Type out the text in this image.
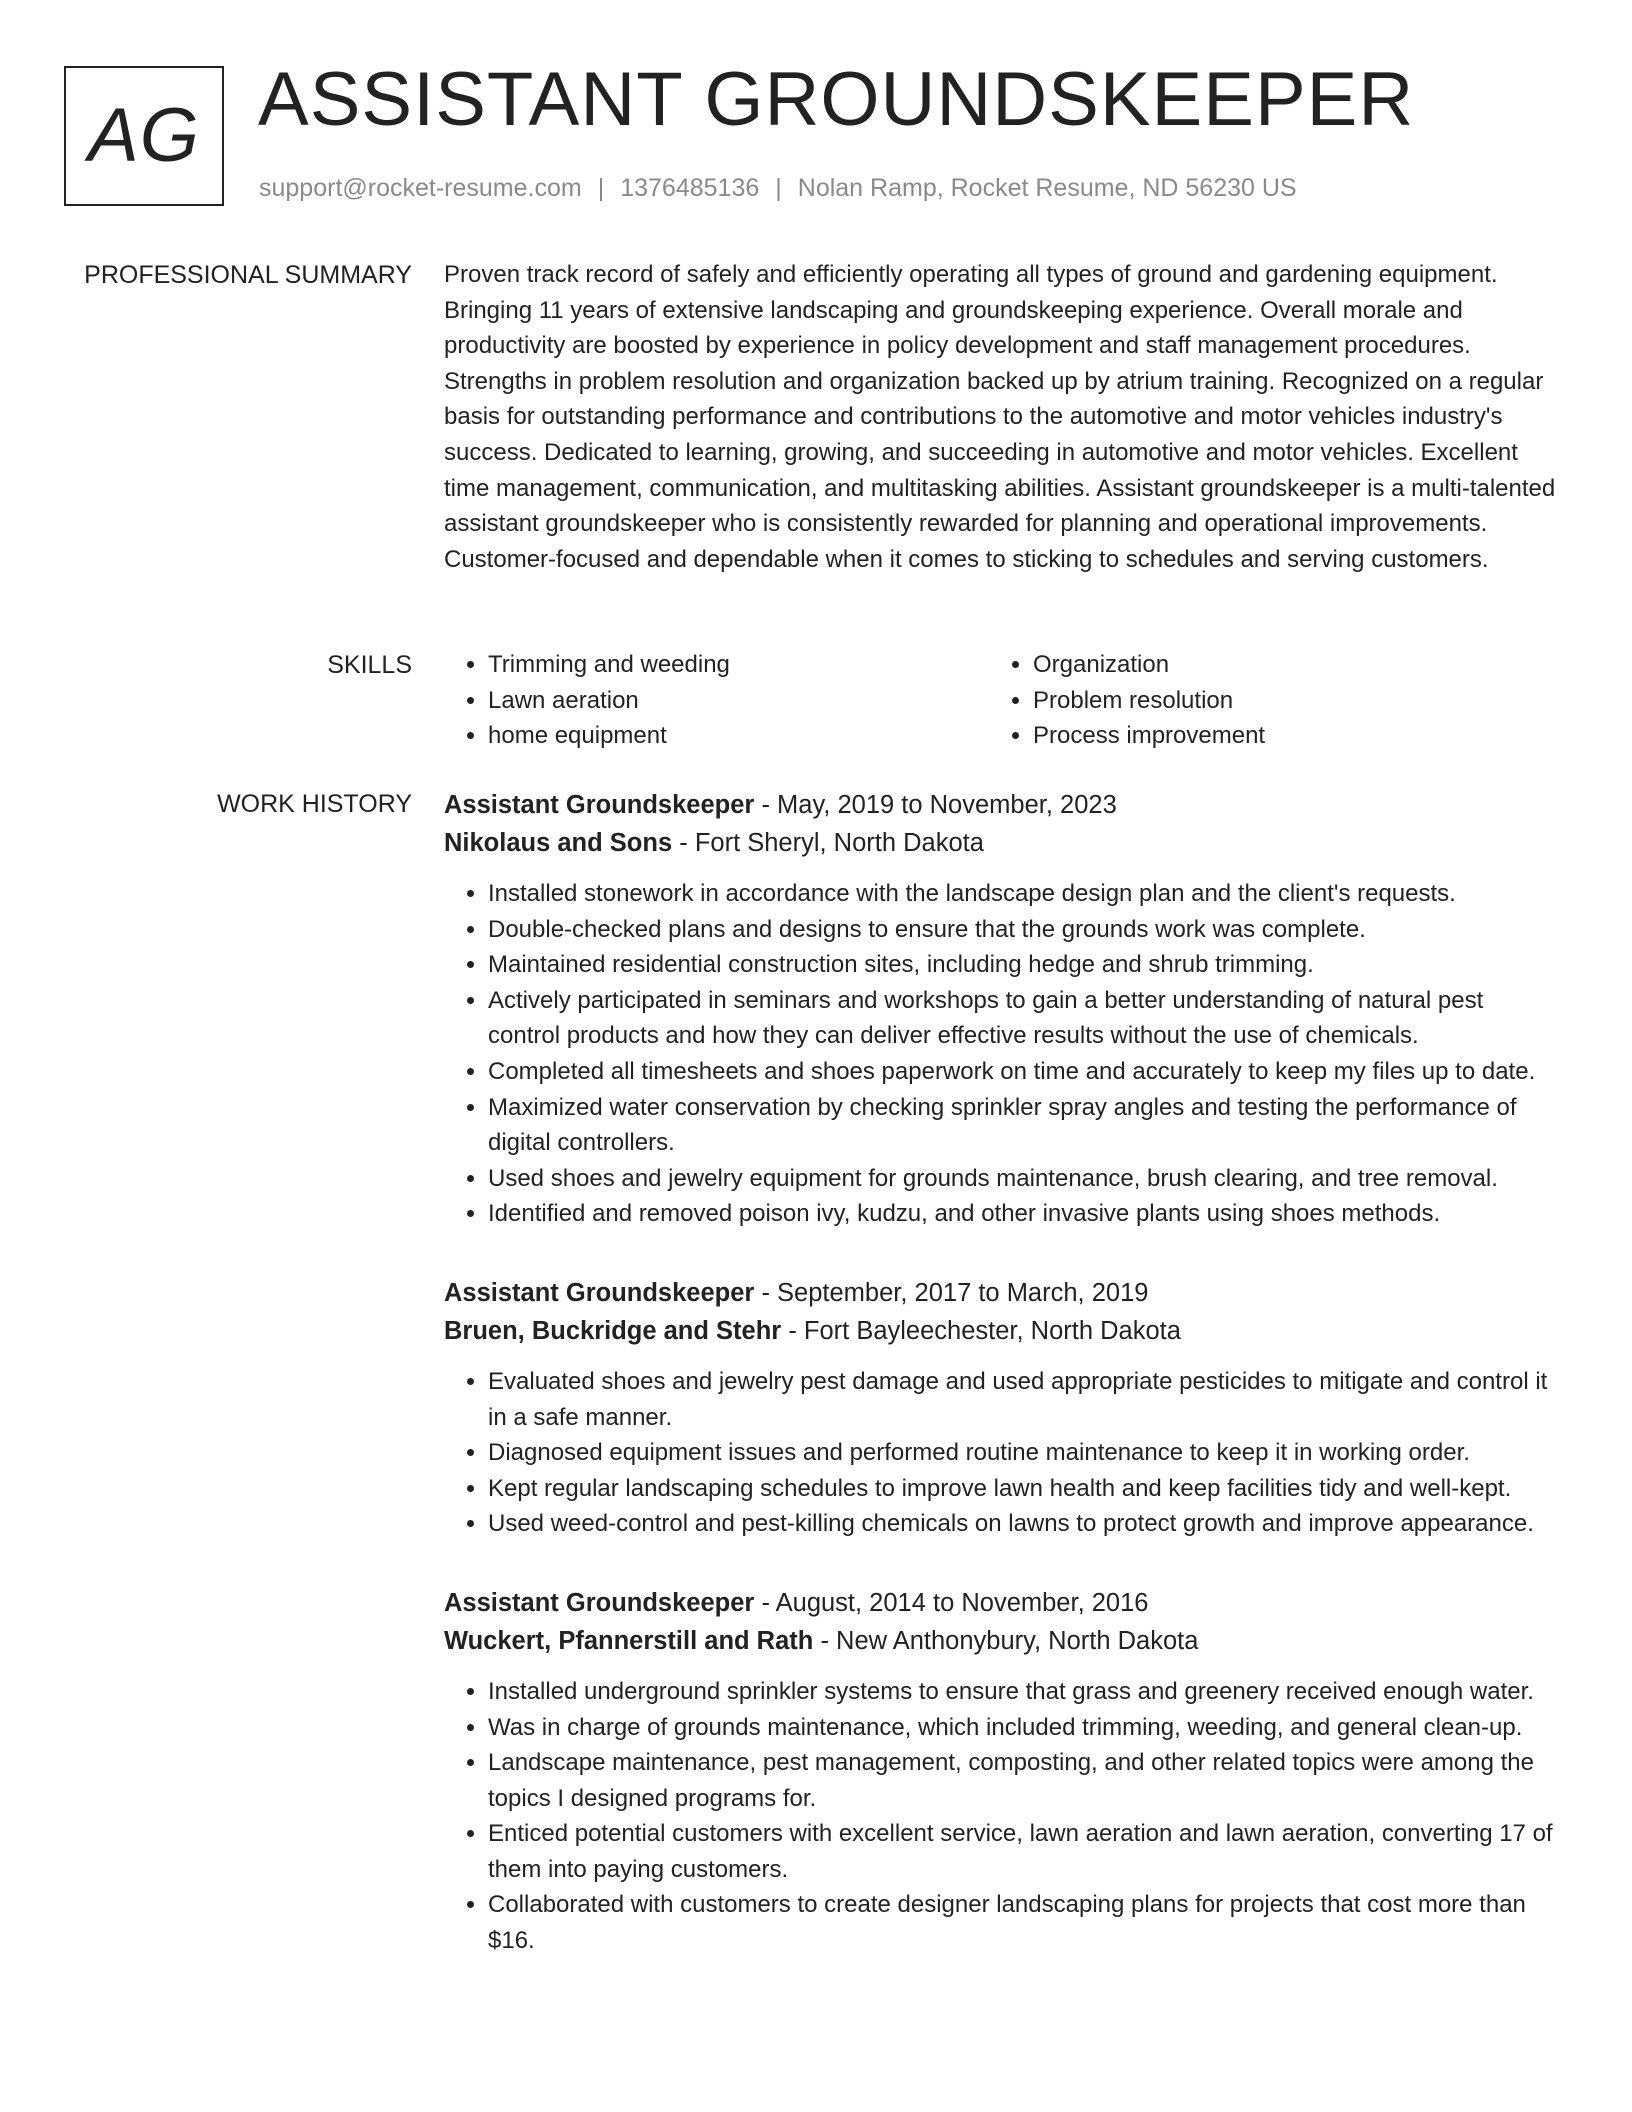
AG ASSISTANT GROUNDSKEEPER
support@rocket-resume.com | 1376485136 | Nolan Ramp, Rocket Resume, ND 56230 US
PROFESSIONAL SUMMARY Proven track record of safely and efficiently operating all types of ground and gardening equipment. Bringing 11 years of extensive landscaping and groundskeeping experience. Overall morale and productivity are boosted by experience in policy development and staff management procedures. Strengths in problem resolution and organization backed up by atrium training. Recognized on a regular basis for outstanding performance and contributions to the automotive and motor vehicles industry's success. Dedicated to learning, growing, and succeeding in automotive and motor vehicles. Excellent time management, communication, and multitasking abilities. Assistant groundskeeper is a multi-talented assistant groundskeeper who is consistently rewarded for planning and operational improvements. Customer-focused and dependable when it comes to sticking to schedules and serving customers.

SKILLS
•	Trimming and weeding
• Lawn aeration
• home equipment
• Organization
• Problem resolution
• Process improvement
WORK HISTORY Assistant Groundskeeper - May, 2019 to November, 2023
Nikolaus and Sons - Fort Sheryl, North Dakota
• Installed stonework in accordance with the landscape design plan and the client's requests.
• Double-checked plans and designs to ensure that the grounds work was complete.
• Maintained residential construction sites, including hedge and shrub trimming.
• Actively participated in seminars and workshops to gain a better understanding of natural pest control products and how they can deliver effective results without the use of chemicals.
• Completed all timesheets and shoes paperwork on time and accurately to keep my files up to date.
• Maximized water conservation by checking sprinkler spray angles and testing the performance of digital controllers.
• Used shoes and jewelry equipment for grounds maintenance, brush clearing, and tree removal.
• Identified and removed poison ivy, kudzu, and other invasive plants using shoes methods.
Assistant Groundskeeper - September, 2017 to March, 2019
Bruen, Buckridge and Stehr - Fort Bayleechester, North Dakota
• Evaluated shoes and jewelry pest damage and used appropriate pesticides to mitigate and control it in a safe manner.
• Diagnosed equipment issues and performed routine maintenance to keep it in working order.
• Kept regular landscaping schedules to improve lawn health and keep facilities tidy and well-kept.
• Used weed-control and pest-killing chemicals on lawns to protect growth and improve appearance.
Assistant Groundskeeper - August, 2014 to November, 2016
Wuckert, Pfannerstill and Rath - New Anthonybury, North Dakota
• Installed underground sprinkler systems to ensure that grass and greenery received enough water.
• Was in charge of grounds maintenance, which included trimming, weeding, and general clean-up.
• Landscape maintenance, pest management, composting, and other related topics were among the topics I designed programs for.
• Enticed potential customers with excellent service, lawn aeration and lawn aeration, converting 17 of them into paying customers.
• Collaborated with customers to create designer landscaping plans for projects that cost more than $16.
